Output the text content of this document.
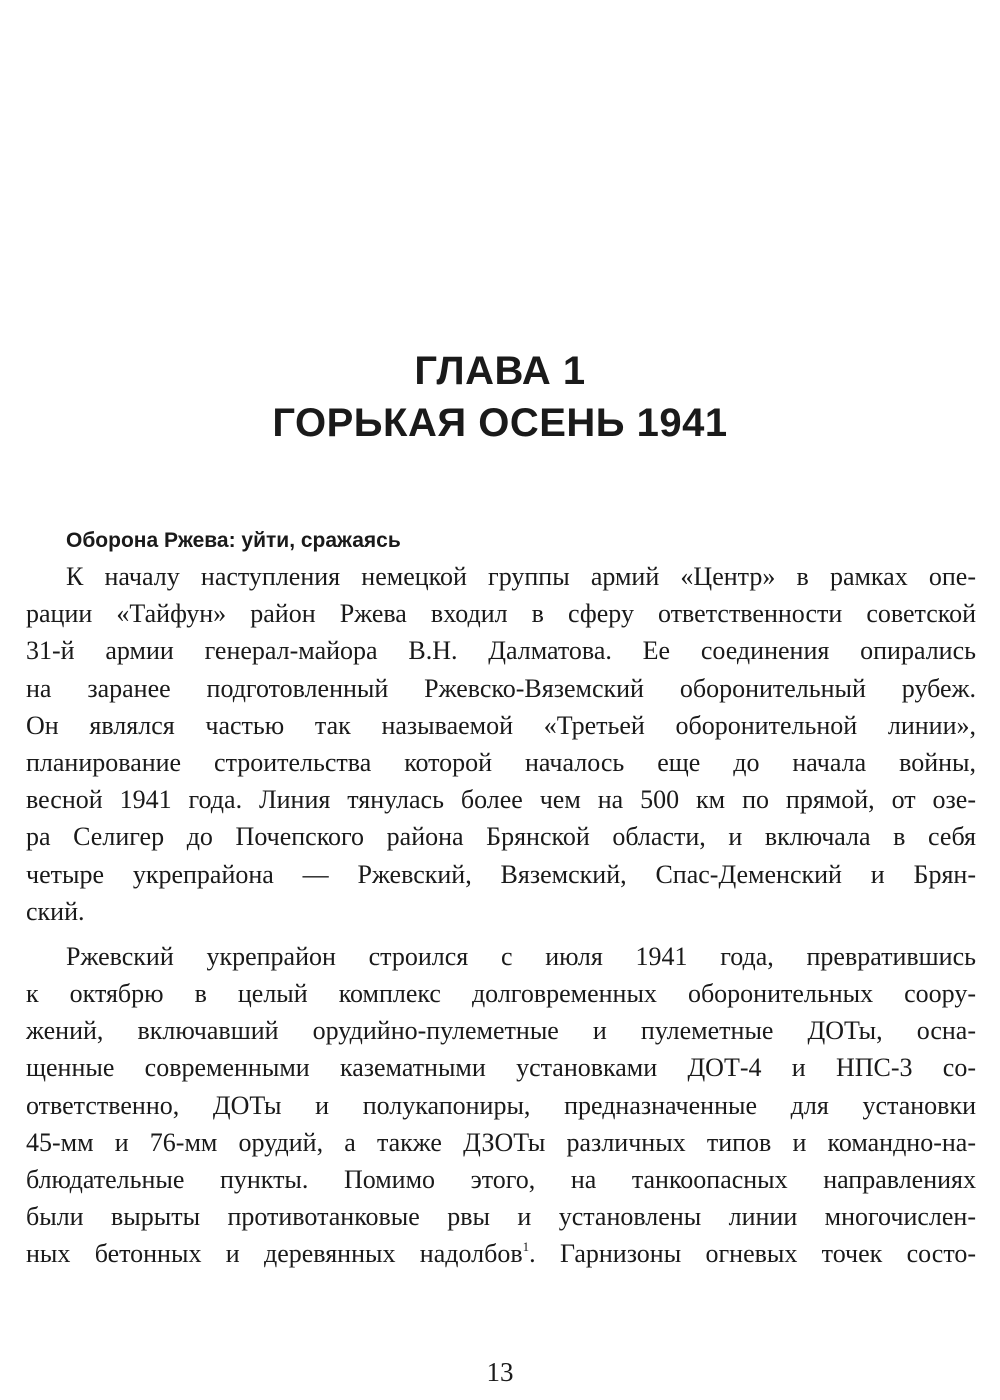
ГЛАВА 1
ГОРЬКАЯ ОСЕНЬ 1941
Оборона Ржева: уйти, сражаясь
К началу наступления немецкой группы армий «Центр» в рамках опе-
рации «Тайфун» район Ржева входил в сферу ответственности советской
31-й армии генерал-майора В.Н. Далматова. Ее соединения опирались
на заранее подготовленный Ржевско-Вяземский оборонительный рубеж.
Он являлся частью так называемой «Третьей оборонительной линии»,
планирование строительства которой началось еще до начала войны,
весной 1941 года. Линия тянулась более чем на 500 км по прямой, от озе-
ра Селигер до Почепского района Брянской области, и включала в себя
четыре укрепрайона — Ржевский, Вяземский, Спас-Деменский и Брян-
ский.
Ржевский укрепрайон строился с июля 1941 года, превратившись
к октябрю в целый комплекс долговременных оборонительных соору-
жений, включавший орудийно-пулеметные и пулеметные ДОТы, осна-
щенные современными казематными установками ДОТ-4 и НПС-3 со-
ответственно, ДОТы и полукапониры, предназначенные для установки
45-мм и 76-мм орудий, а также ДЗОТы различных типов и командно-на-
блюдательные пункты. Помимо этого, на танкоопасных направлениях
были вырыты противотанковые рвы и установлены линии многочислен-
ных бетонных и деревянных надолбов$^1$. Гарнизоны огневых точек состо-
13
